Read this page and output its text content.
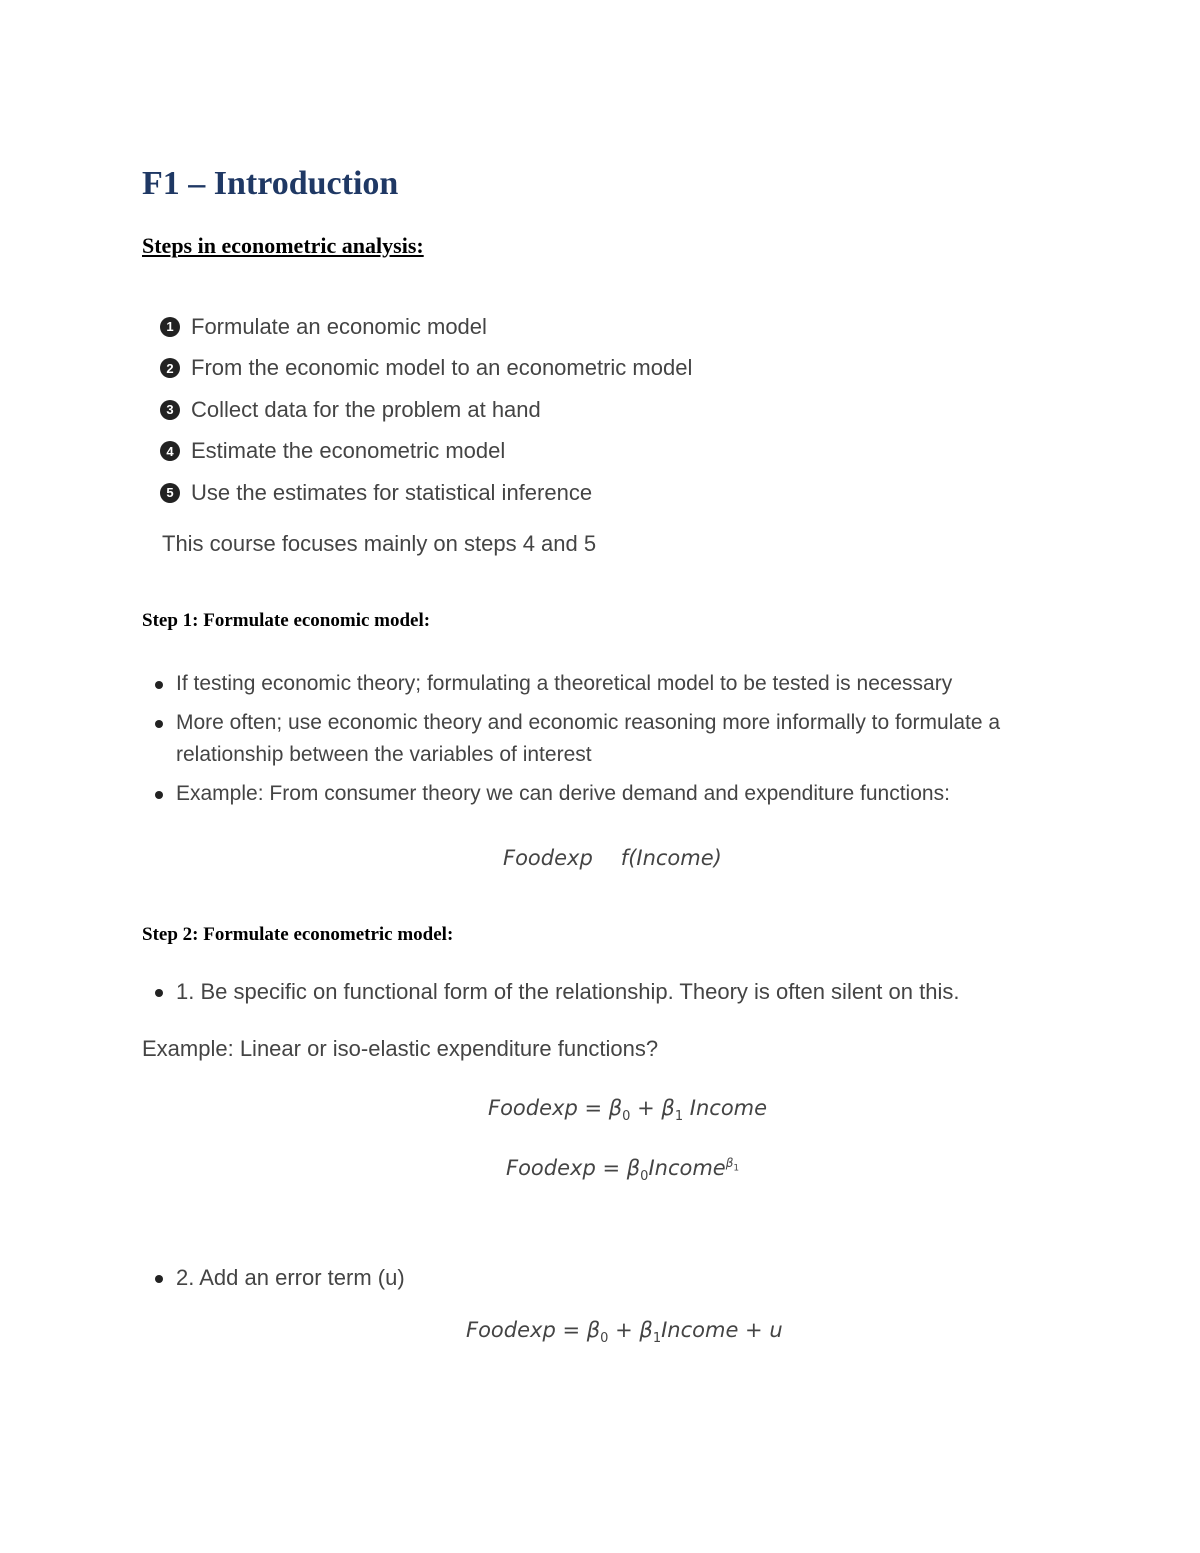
F1 – Introduction
Steps in econometric analysis:
1 Formulate an economic model
2 From the economic model to an econometric model
3 Collect data for the problem at hand
4 Estimate the econometric model
5 Use the estimates for statistical inference

This course focuses mainly on steps 4 and 5

Step 1: Formulate economic model:
If testing economic theory; formulating a theoretical model to be tested is necessary
More often; use economic theory and economic reasoning more informally to formulate a relationship between the variables of interest
Example: From consumer theory we can derive demand and expenditure functions:

Foodexp f(Income)

Step 2: Formulate econometric model:
1. Be specific on functional form of the relationship. Theory is often silent on this.

Example: Linear or iso-elastic expenditure functions?

Foodexp = $\beta_0 + \beta_1$ Income

Foodexp = $\beta_0Income^{\beta_1}$

2. Add an error term (u)

Foodexp = $\beta_0$ + $\beta_1Income + u$
